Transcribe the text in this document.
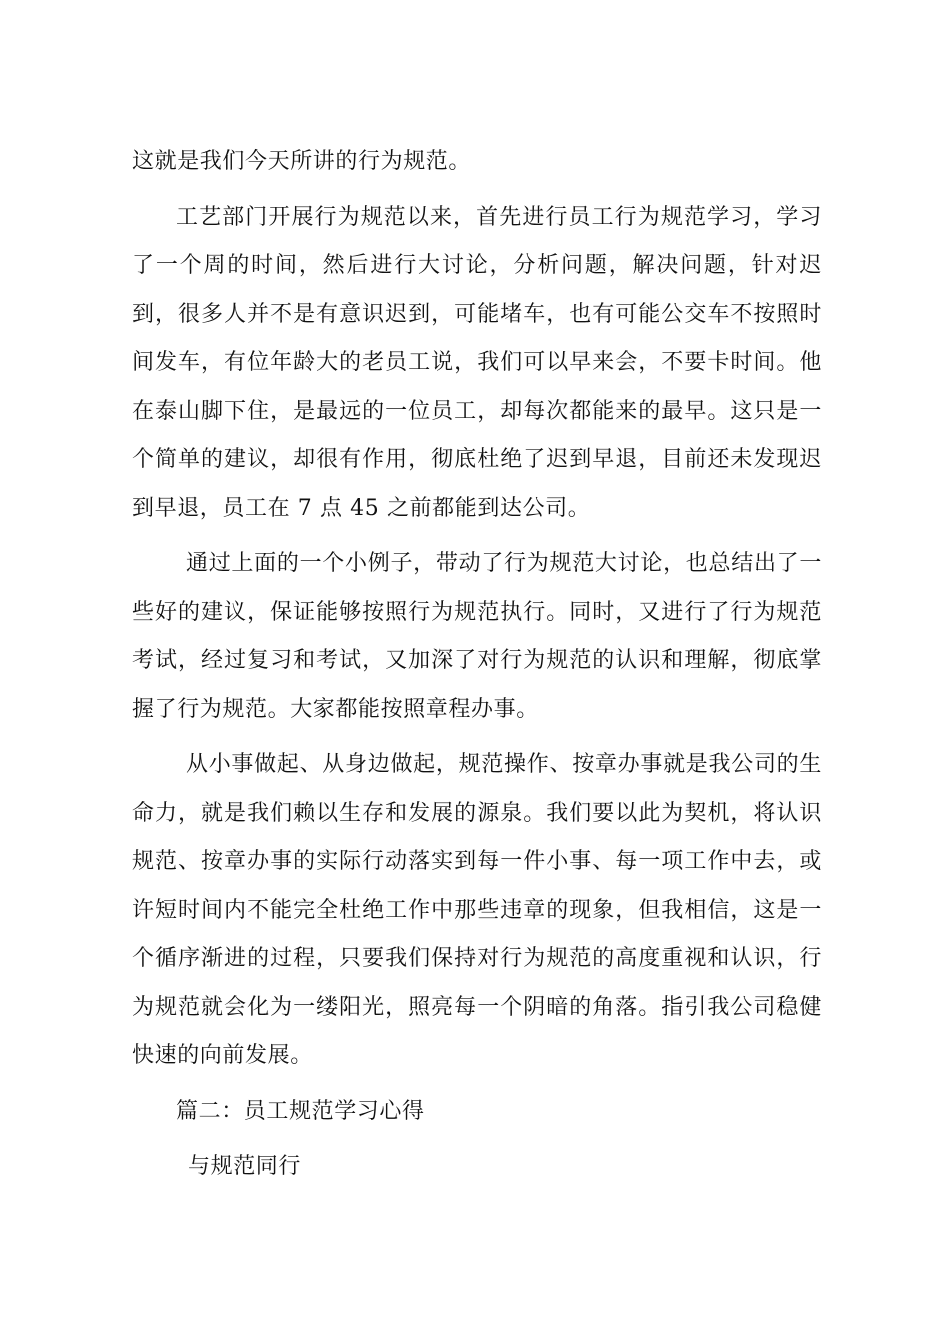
这就是我们今天所讲的行为规范。

工艺部门开展行为规范以来，首先进行员工行为规范学习，学习了一个周的时间，然后进行大讨论，分析问题，解决问题，针对迟到，很多人并不是有意识迟到，可能堵车，也有可能公交车不按照时间发车，有位年龄大的老员工说，我们可以早来会，不要卡时间。他在泰山脚下住，是最远的一位员工，却每次都能来的最早。这只是一个简单的建议，却很有作用，彻底杜绝了迟到早退，目前还未发现迟到早退，员工在 7 点 45 之前都能到达公司。

通过上面的一个小例子，带动了行为规范大讨论，也总结出了一些好的建议，保证能够按照行为规范执行。同时，又进行了行为规范考试，经过复习和考试，又加深了对行为规范的认识和理解，彻底掌握了行为规范。大家都能按照章程办事。

从小事做起、从身边做起，规范操作、按章办事就是我公司的生命力，就是我们赖以生存和发展的源泉。我们要以此为契机，将认识规范、按章办事的实际行动落实到每一件小事、每一项工作中去，或许短时间内不能完全杜绝工作中那些违章的现象，但我相信，这是一个循序渐进的过程，只要我们保持对行为规范的高度重视和认识，行为规范就会化为一缕阳光，照亮每一个阴暗的角落。指引我公司稳健快速的向前发展。

篇二：员工规范学习心得

与规范同行
